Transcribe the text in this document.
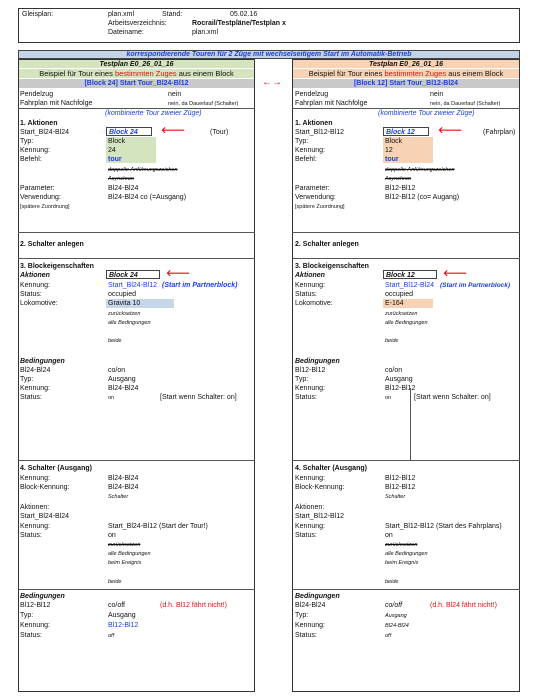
Gleisplan:	plan.xml	Stand:	05.02.16
Arbeitsverzeichnis:	Rocrail/Testpläne/Testplan x
Dateiname:	plan.xml
korrespondierende Touren für 2 Züge mit wechselseitigem Start im Automatik-Betrieb
Testplan E0_26_01_16
Beispiel für Tour eines bestimmten Zuges aus einem Block
[Block 24] Start Tour_Bl24-Bl12
Pendelzug	nein
Fahrplan mit Nachfolge	nein, da Dauerlauf (Schalter)
(kombinierte Tour zweier Züge)
1. Aktionen
Start_Bl24-Bl24	Block 24	🡐	(Tour)
Typ:	Block
Kennung:	24
Befehl:	tour
doppelte Anführungszeichen
Asynchron
Parameter:	Bl24-Bl24
Verwendung:	Bl24-Bl24 co (=Ausgang)
[spätere Zuordnung]
2. Schalter anlegen
3. Blockeigenschaften
Aktionen	Block 24	🡐
Kennung:	Start_Bl24-Bl12 (Start im Partnerblock)
Status:	occupied
Lokomotive:	Gravita 10
zurücksetzen
alle Bedingungen
beide
Bedingungen
Bl24-Bl24	co/on
Typ:	Ausgang
Kennung:	Bl24-Bl24
Status:	on	[Start wenn Schalter: on]
4. Schalter (Ausgang)
Kennung:	Bl24-Bl24
Block-Kennung:	Bl24-Bl24
Schalter
Aktionen:
Start_Bl24-Bl24
Kennung:	Start_Bl24-Bl12 (Start der Tour!)
Status:	on
zurücksetzen
alle Bedingungen
beim Ereignis
beide
Bedingungen
Bl12-Bl12	co/off	(d.h. Bl12 fährt nicht!)
Typ:	Ausgang
Kennung:	Bl12-Bl12
Status:	off
←→
Testplan E0_26_01_16
Beispiel für Tour eines bestimmten Zuges aus einem Block
[Block 12] Start Tour_Bl12-Bl24
Pendelzug	nein
Fahrplan mit Nachfolge	nein, da Dauerlauf (Schalter)
(kombinierte Tour zweier Züge)
1. Aktionen
Start_Bl12-Bl12	Block 12	🡐	(Fahrplan)
Typ:	Block
Kennung:	12
Befehl:	tour
doppelte Anführungszeichen
Asynchron
Parameter:	Bl12-Bl12
Verwendung:	Bl12-Bl12 (co= Augang)
[spätere Zuordnung]
2. Schalter anlegen
3. Blockeigenschaften
Aktionen	Block 12	🡐
Kennung:	Start_Bl12-Bl24 (Start im Partnerblock)
Status:	occupied
Lokomotive:	E-164
zurücksetzen
alle Bedingungen
beide
Bedingungen
Bl12-Bl12	co/on
Typ:	Ausgang
Kennung:	Bl12-Bl12
Status:	on	[Start wenn Schalter: on]
4. Schalter (Ausgang)
Kennung:	Bl12-Bl12
Block-Kennung:	Bl12-Bl12
Schalter
Aktionen:
Start_Bl12-Bl12
Kennung:	Start_Bl12-Bl12 (Start des Fahrplans)
Status:	on
zurücksetzen
alle Bedingungen
beim Ereignis
beide
Bedingungen
Bl24-Bl24	co/off	(d.h. Bl24 fährt nicht!)
Typ:	Ausgang
Kennung:	Bl24-Bl24
Status:	off
